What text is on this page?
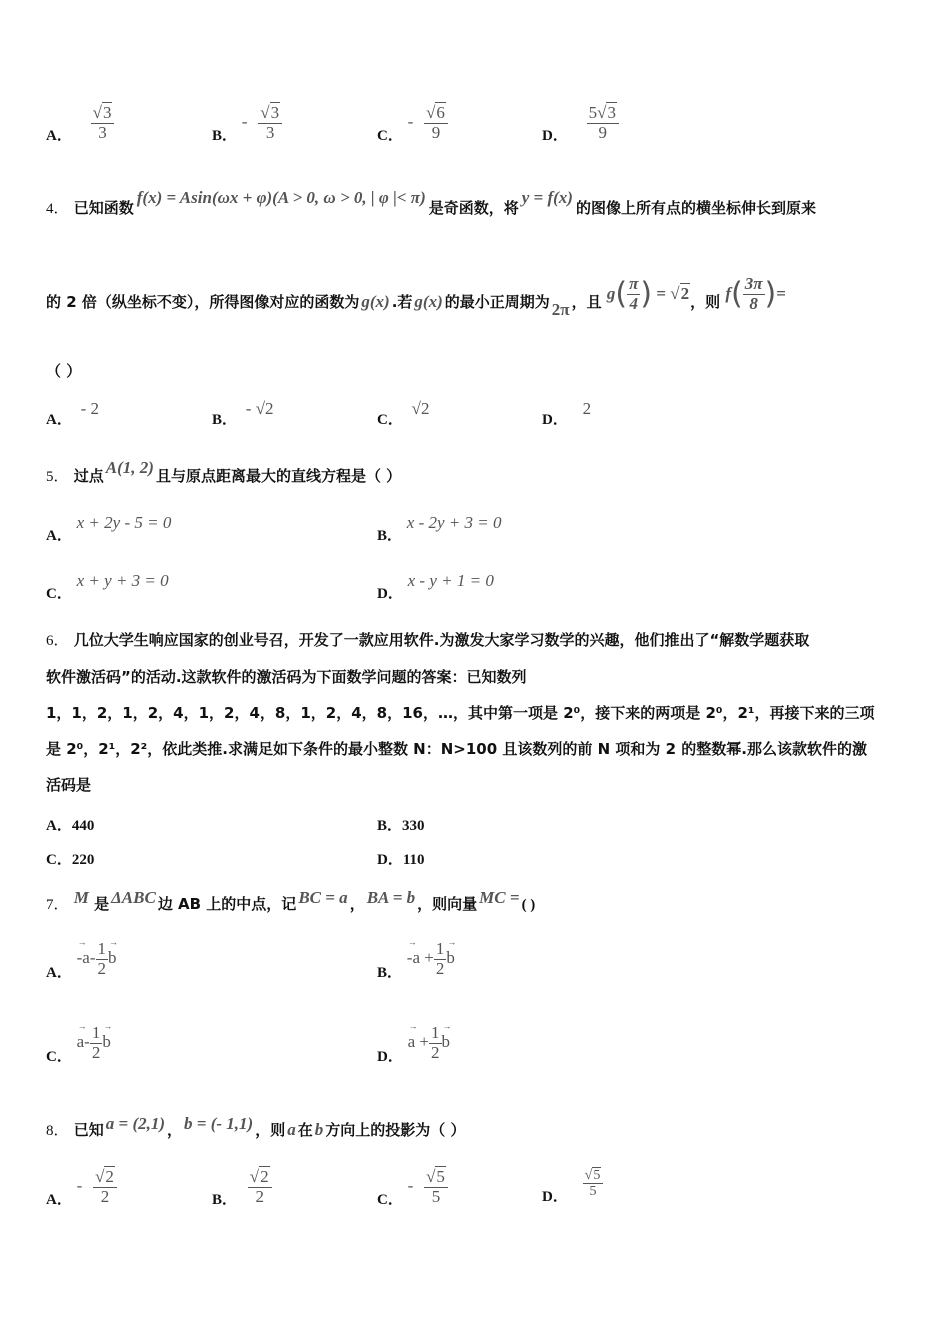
A． $\frac{√3}{3}$	B． - $\frac{√3}{3}$	C． - $\frac{√6}{9}$	D． $\frac{5√3}{9}$
4． 已知函数f(x) = Asin(ωx + φ)(A > 0, ω > 0, | φ |< π)是奇函数，将y = f(x)的图像上所有点的横坐标伸长到原来
的 2 倍（纵坐标不变），所得图像对应的函数为 g(x) .若 g(x) 的最小正周期为 2π ，且 $g( \frac{\pi}{4}$ ) = √2，则 $f( \frac{3\pi}{8}$ )=
（ ）
A． - 2
B． - √2
C． √2
D． 2
5． 过点 A(1, 2) 且与原点距离最大的直线方程是（ ）
A． x + 2y - 5 = 0
B． x - 2y + 3 = 0
C． x + y + 3 = 0
D． x - y + 1 = 0
6． 几位大学生响应国家的创业号召，开发了一款应用软件.为激发大家学习数学的兴趣，他们推出了“解数学题获取
软件激活码”的活动.这款软件的激活码为下面数学问题的答案：已知数列
1，1，2，1，2，4，1，2，4，8，1，2，4，8，16，…，其中第一项是 2⁰，接下来的两项是 2⁰，2¹，再接下来的三项
是 2⁰，2¹，2²，依此类推.求满足如下条件的最小整数 N：N>100 且该数列的前 N 项和为 2 的整数幂.那么该款软件的激
活码是
A．440	B．330
C．220	D．110
7． M 是 ΔABC 边 AB 上的中点，记 BC = a ， BA = b ，则向量 MC = ( )
A． → $-a- \frac{1}{2}$
→ b
B． → $-a + \frac{1}{2}$
→ b
C． → $a- \frac{1}{2}$
→ b
D． → $a + \frac{1}{2}$
→ b
8． 已知 a = (2,1) ， b = (- 1,1) ，则 a 在 b 方向上的投影为（ ）
A． - $\frac{√2}{2}$	B． $\frac{√2}{2}$	C． - $\frac{√5}{5}$	D． $\frac{√5}{5}$
